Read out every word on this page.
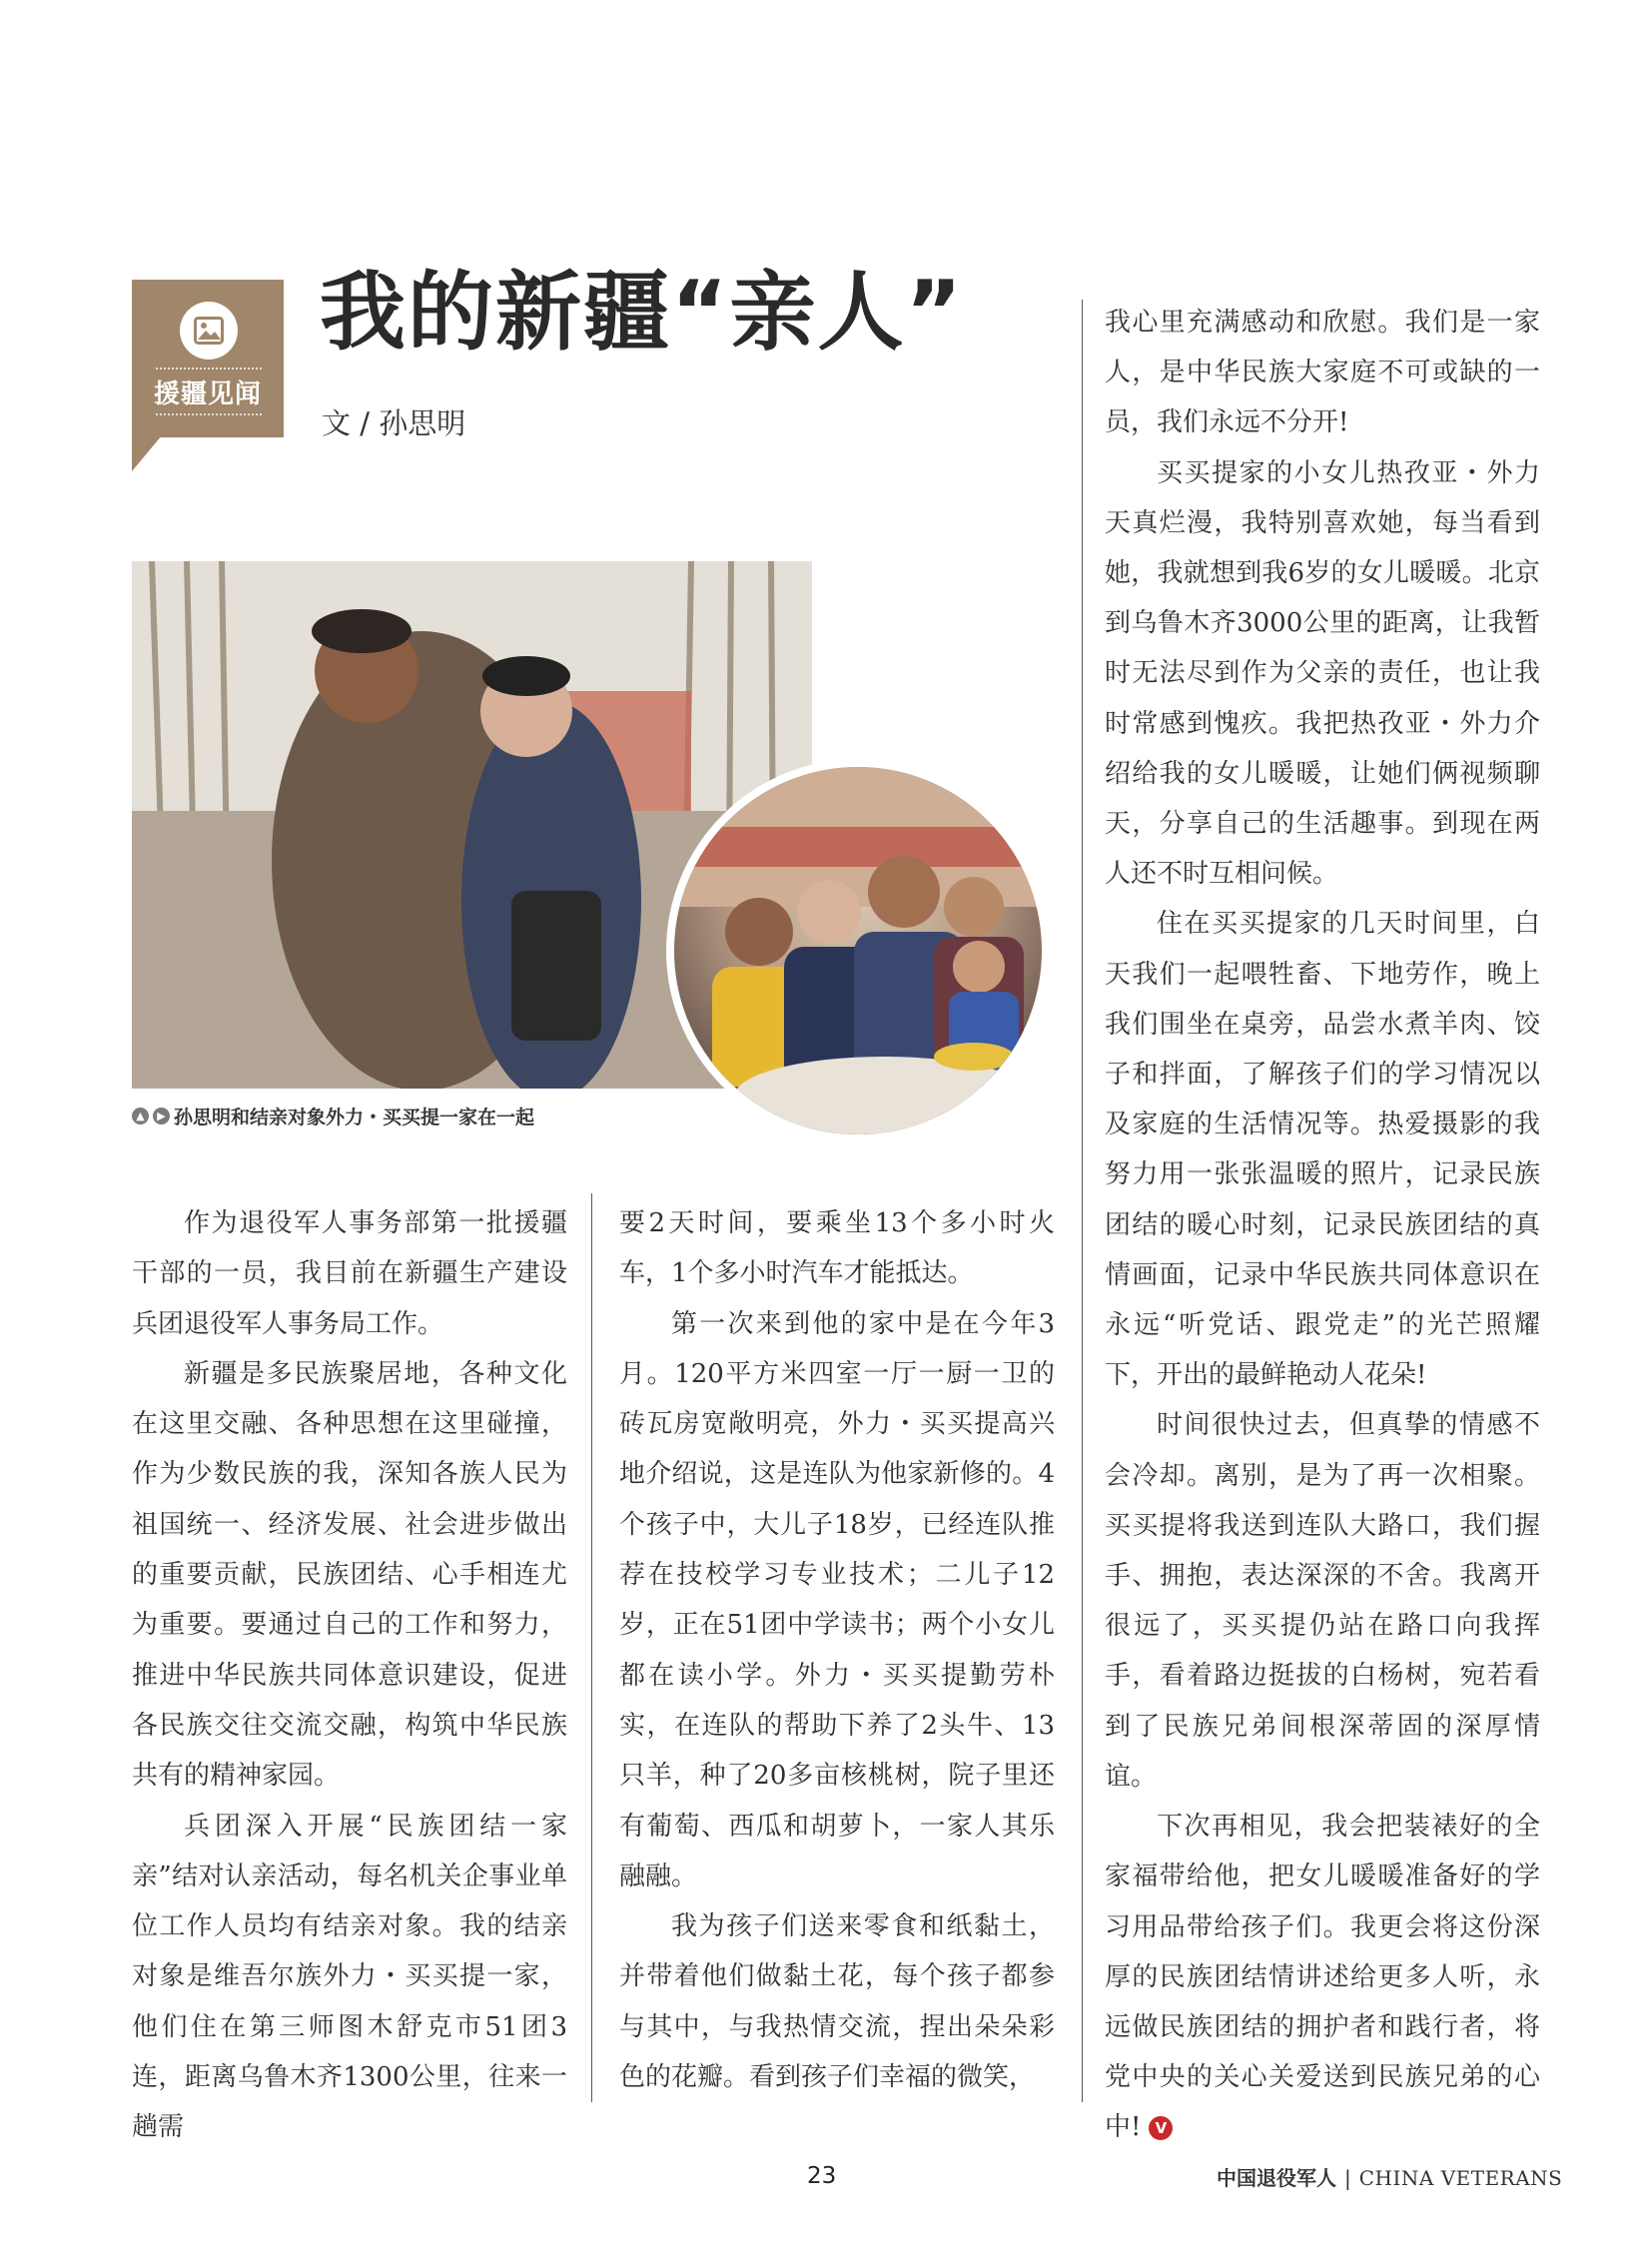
援疆见闻
我的新疆“亲人”
文 / 孙思明
▲	▶ 孙思明和结亲对象外力・买买提一家在一起

作为退役军人事务部第一批援疆干部的一员，我目前在新疆生产建设兵团退役军人事务局工作。

新疆是多民族聚居地，各种文化在这里交融、各种思想在这里碰撞，作为少数民族的我，深知各族人民为祖国统一、经济发展、社会进步做出的重要贡献，民族团结、心手相连尤为重要。要通过自己的工作和努力，推进中华民族共同体意识建设，促进各民族交往交流交融，构筑中华民族共有的精神家园。

兵团深入开展“民族团结一家亲”结对认亲活动，每名机关企事业单位工作人员均有结亲对象。我的结亲对象是维吾尔族外力・买买提一家，他们住在第三师图木舒克市51团3连，距离乌鲁木齐1300公里，往来一趟需

要2天时间，要乘坐13个多小时火车，1个多小时汽车才能抵达。

第一次来到他的家中是在今年3月。120平方米四室一厅一厨一卫的砖瓦房宽敞明亮，外力・买买提高兴地介绍说，这是连队为他家新修的。4个孩子中，大儿子18岁，已经连队推荐在技校学习专业技术；二儿子12岁，正在51团中学读书；两个小女儿都在读小学。外力・买买提勤劳朴实，在连队的帮助下养了2头牛、13只羊，种了20多亩核桃树，院子里还有葡萄、西瓜和胡萝卜，一家人其乐融融。

我为孩子们送来零食和纸黏土，并带着他们做黏土花，每个孩子都参与其中，与我热情交流，捏出朵朵彩色的花瓣。看到孩子们幸福的微笑，

我心里充满感动和欣慰。我们是一家人，是中华民族大家庭不可或缺的一员，我们永远不分开!

买买提家的小女儿热孜亚・外力天真烂漫，我特别喜欢她，每当看到她，我就想到我6岁的女儿暖暖。北京到乌鲁木齐3000公里的距离，让我暂时无法尽到作为父亲的责任，也让我时常感到愧疚。我把热孜亚・外力介绍给我的女儿暖暖，让她们俩视频聊天，分享自己的生活趣事。到现在两人还不时互相问候。

住在买买提家的几天时间里，白天我们一起喂牲畜、下地劳作，晚上我们围坐在桌旁，品尝水煮羊肉、饺子和拌面，了解孩子们的学习情况以及家庭的生活情况等。热爱摄影的我努力用一张张温暖的照片，记录民族团结的暖心时刻，记录民族团结的真情画面，记录中华民族共同体意识在永远“听党话、跟党走”的光芒照耀下，开出的最鲜艳动人花朵!

时间很快过去，但真挚的情感不会冷却。离别，是为了再一次相聚。买买提将我送到连队大路口，我们握手、拥抱，表达深深的不舍。我离开很远了，买买提仍站在路口向我挥手，看着路边挺拔的白杨树，宛若看到了民族兄弟间根深蒂固的深厚情谊。

下次再相见，我会把装裱好的全家福带给他，把女儿暖暖准备好的学习用品带给孩子们。我更会将这份深厚的民族团结情讲述给更多人听，永远做民族团结的拥护者和践行者，将党中央的关心关爱送到民族兄弟的心中! V

23	中国退役军人 | CHINA VETERANS
